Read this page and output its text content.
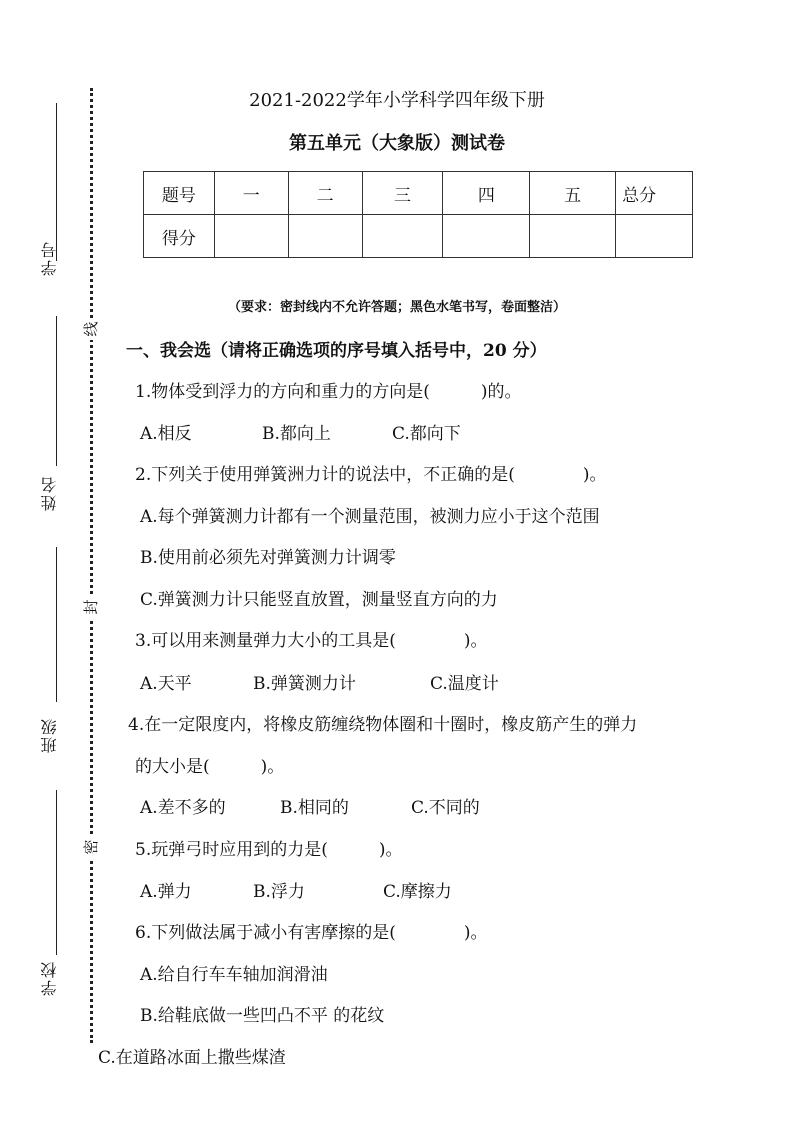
学号
姓名
班级
学校
线
封
密
2021-2022学年小学科学四年级下册
第五单元（大象版）测试卷
题号	一	二	三	四	五	总分
得分						
（要求：密封线内不允许答题；黑色水笔书写，卷面整洁）
一、我会选（请将正确选项的序号填入括号中，20 分）
1.物体受到浮力的方向和重力的方向是(　　　)的。
A.相反	B.都向上	C.都向下
2.下列关于使用弹簧洲力计的说法中，不正确的是(　　　　)。
A.每个弹簧测力计都有一个测量范围，被测力应小于这个范围
B.使用前必须先对弹簧测力计调零
C.弹簧测力计只能竖直放置，测量竖直方向的力
3.可以用来测量弹力大小的工具是(　　　　)。
A.天平	B.弹簧测力计	C.温度计
4.在一定限度内，将橡皮筋缠绕物体圈和十圈时，橡皮筋产生的弹力
的大小是(　　　)。
A.差不多的	B.相同的	C.不同的
5.玩弹弓时应用到的力是(　　　)。
A.弹力	B.浮力	C.摩擦力
6.下列做法属于减小有害摩擦的是(　　　　)。
A.给自行车车轴加润滑油
B.给鞋底做一些凹凸不平 的花纹
C.在道路冰面上撒些煤渣
